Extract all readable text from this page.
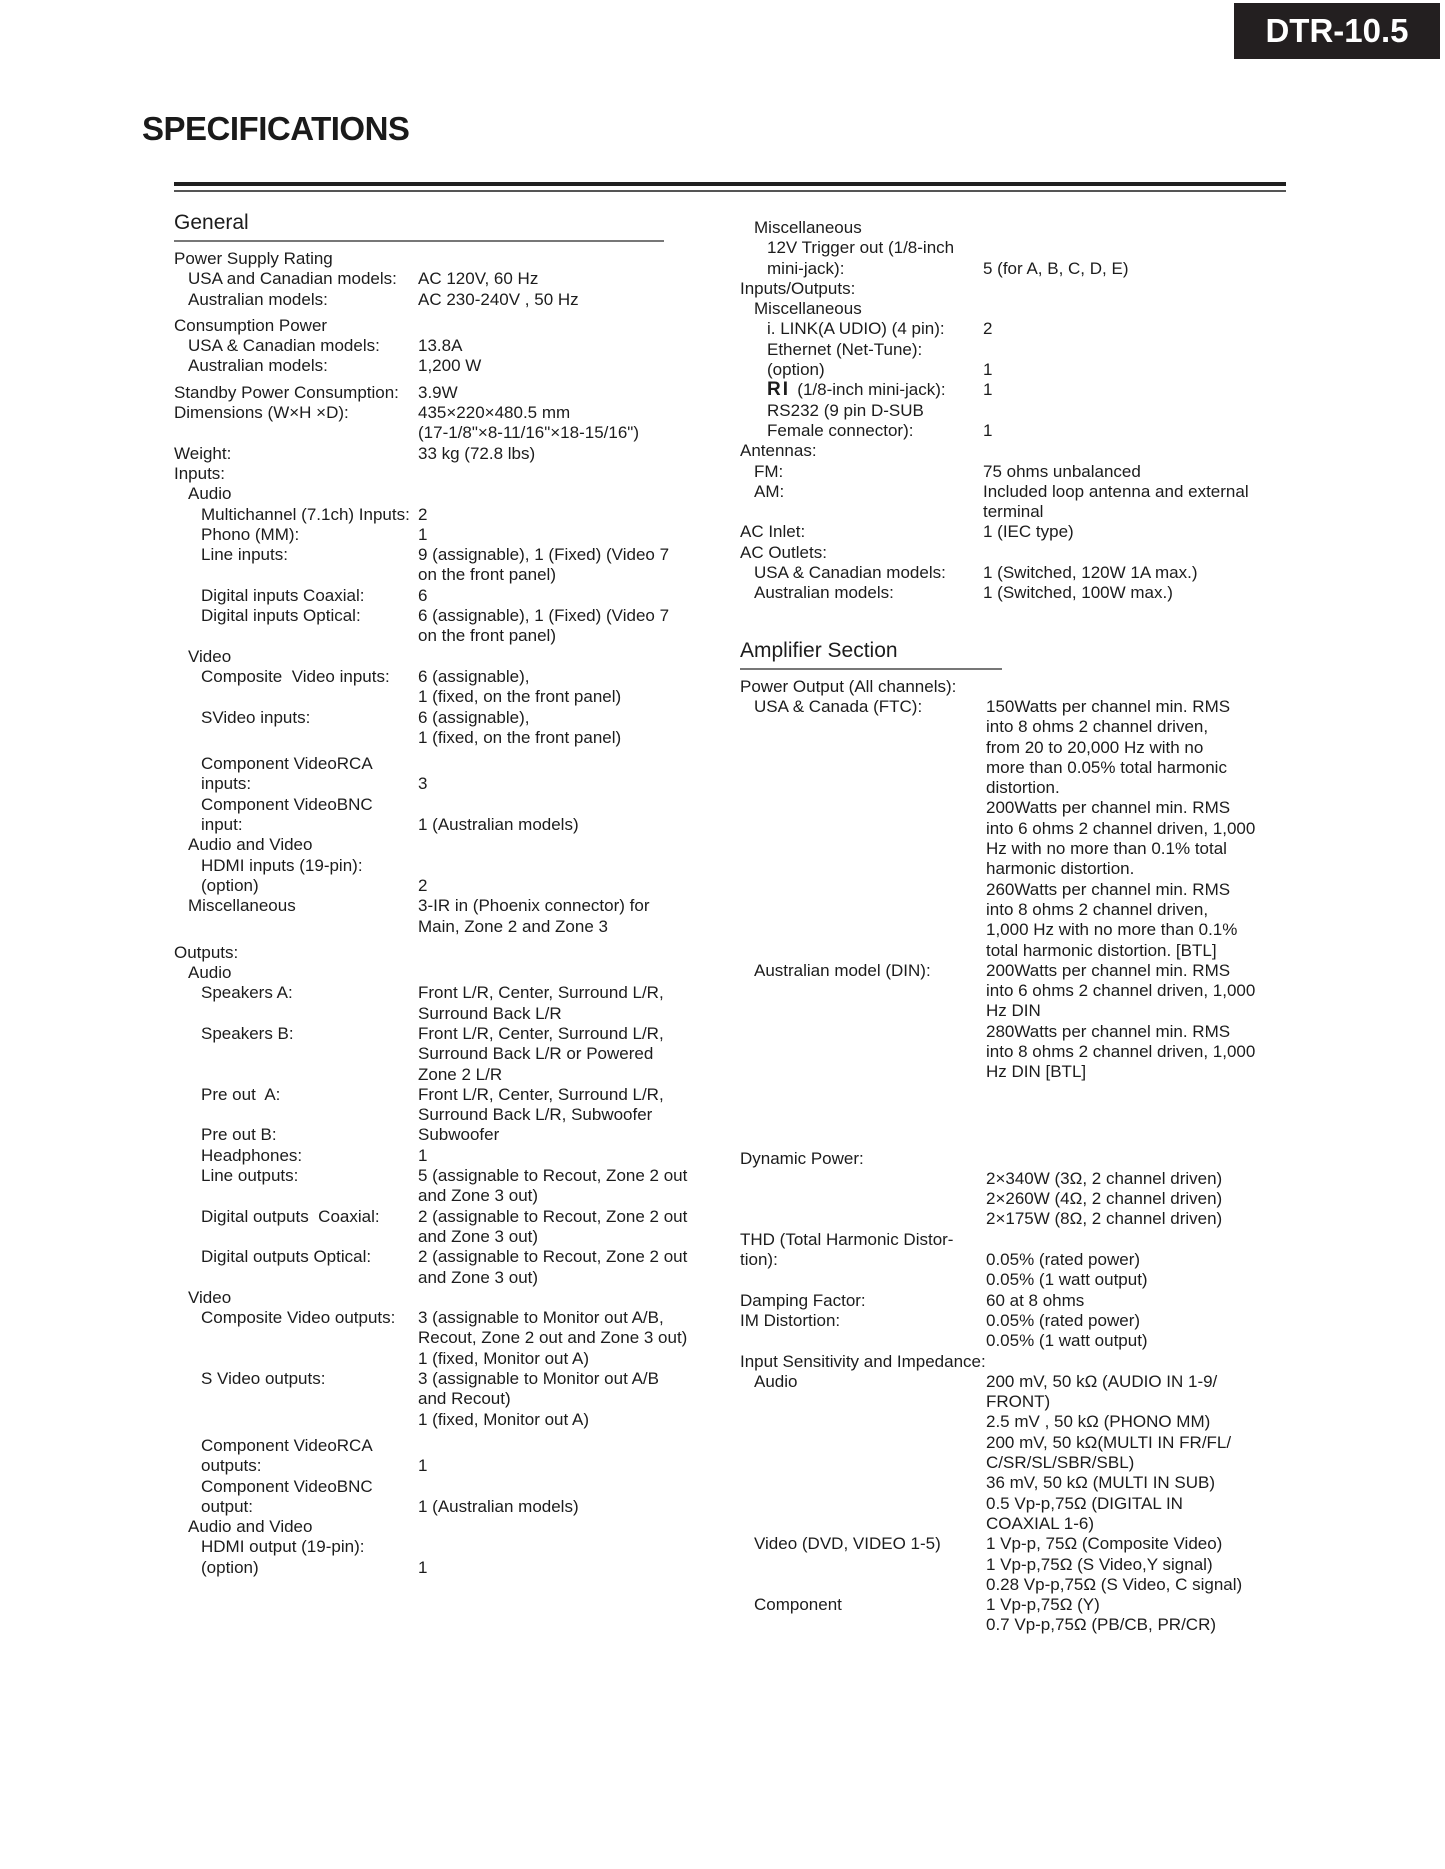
DTR-10.5
SPECIFICATIONS
General
Power Supply Rating
USA and Canadian models:	AC 120V, 60 Hz
Australian models:	AC 230-240V , 50 Hz
Consumption Power
USA & Canadian models:	13.8A
Australian models:	1,200 W
Standby Power Consumption:	3.9W
Dimensions (W×H ×D):	435×220×480.5 mm
(17-1/8"×8-11/16"×18-15/16")
Weight:	33 kg (72.8 lbs)
Inputs:
Audio
Multichannel (7.1ch) Inputs: 2
Phono (MM):	1
Line inputs:	9 (assignable), 1 (Fixed) (Video 7
on the front panel)
Digital inputs Coaxial:	6
Digital inputs Optical:	6 (assignable), 1 (Fixed) (Video 7
on the front panel)
Video
Composite  Video inputs:	6 (assignable),
1 (fixed, on the front panel)
SVideo inputs:	6 (assignable),
1 (fixed, on the front panel)
Component VideoRCA
inputs:	
3
Component VideoBNC
input:	
1 (Australian models)
Audio and Video
HDMI inputs (19-pin):
(option)	
2
Miscellaneous	3-IR in (Phoenix connector) for
Main, Zone 2 and Zone 3
Outputs:
Audio
Speakers A:	Front L/R, Center, Surround L/R,
Surround Back L/R
Speakers B:	Front L/R, Center, Surround L/R,
Surround Back L/R or Powered
Zone 2 L/R
Pre out  A:	Front L/R, Center, Surround L/R,
Surround Back L/R, Subwoofer
Pre out B:	Subwoofer
Headphones:	1
Line outputs:	5 (assignable to Recout, Zone 2 out
and Zone 3 out)
Digital outputs  Coaxial:	2 (assignable to Recout, Zone 2 out
and Zone 3 out)
Digital outputs Optical:	2 (assignable to Recout, Zone 2 out
and Zone 3 out)
Video
Composite Video outputs:	3 (assignable to Monitor out A/B,
Recout, Zone 2 out and Zone 3 out)
1 (fixed, Monitor out A)
S Video outputs:	3 (assignable to Monitor out A/B
and Recout)
1 (fixed, Monitor out A)
Component VideoRCA
outputs:	
1
Component VideoBNC
output:	
1 (Australian models)
Audio and Video
HDMI output (19-pin):
(option)	
1
Miscellaneous
12V Trigger out (1/8-inch
mini-jack):	
5 (for A, B, C, D, E)
Inputs/Outputs:
Miscellaneous
i. LINK(A UDIO) (4 pin):	2
Ethernet (Net-Tune):
(option)	
1
RI (1/8-inch mini-jack):	1
RS232 (9 pin D-SUB
Female connector):	
1
Antennas:
FM:	75 ohms unbalanced
AM:	Included loop antenna and external
terminal
AC Inlet:	1 (IEC type)
AC Outlets:
USA & Canadian models:	1 (Switched, 120W 1A max.)
Australian models:	1 (Switched, 100W max.)
Amplifier Section
Power Output (All channels):
USA & Canada (FTC):	150Watts per channel min. RMS
into 8 ohms 2 channel driven,
from 20 to 20,000 Hz with no
more than 0.05% total harmonic
distortion.
200Watts per channel min. RMS
into 6 ohms 2 channel driven, 1,000
Hz with no more than 0.1% total
harmonic distortion.
260Watts per channel min. RMS
into 8 ohms 2 channel driven,
1,000 Hz with no more than 0.1%
total harmonic distortion. [BTL]
Australian model (DIN):	200Watts per channel min. RMS
into 6 ohms 2 channel driven, 1,000
Hz DIN
280Watts per channel min. RMS
into 8 ohms 2 channel driven, 1,000
Hz DIN [BTL]
Dynamic Power:

2×340W (3Ω, 2 channel driven)
2×260W (4Ω, 2 channel driven)
2×175W (8Ω, 2 channel driven)
THD (Total Harmonic Distor-
tion):	
0.05% (rated power)
0.05% (1 watt output)
Damping Factor:	60 at 8 ohms
IM Distortion:	0.05% (rated power)
0.05% (1 watt output)
Input Sensitivity and Impedance:
Audio	200 mV, 50 kΩ (AUDIO IN 1-9/
FRONT)
2.5 mV , 50 kΩ (PHONO MM)
200 mV, 50 kΩ(MULTI IN FR/FL/
C/SR/SL/SBR/SBL)
36 mV, 50 kΩ (MULTI IN SUB)
0.5 Vp-p,75Ω (DIGITAL IN
COAXIAL 1-6)
Video (DVD, VIDEO 1-5)	1 Vp-p, 75Ω (Composite Video)
1 Vp-p,75Ω (S Video,Y signal)
0.28 Vp-p,75Ω (S Video, C signal)
Component	1 Vp-p,75Ω (Y)
0.7 Vp-p,75Ω (PB/CB, PR/CR)
